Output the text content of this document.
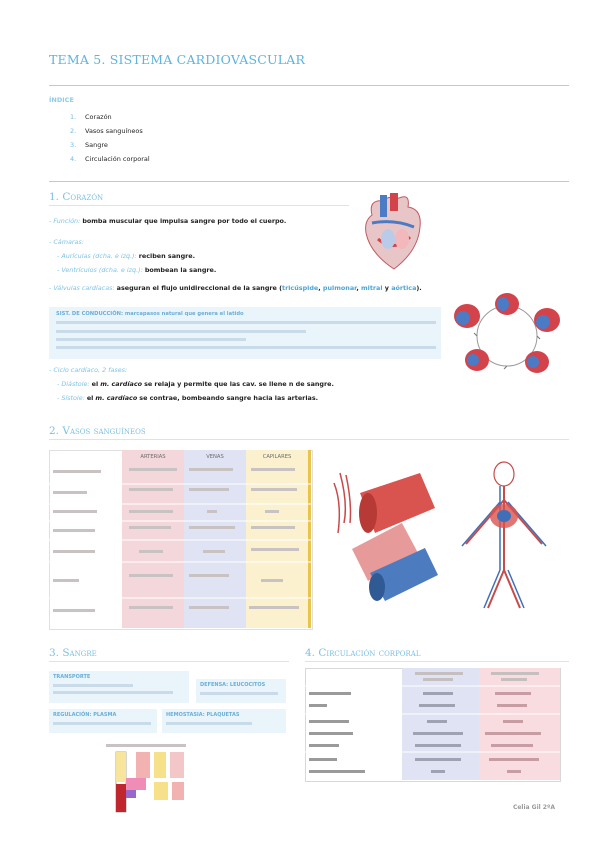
TEMA 5. SISTEMA CARDIOVASCULAR
ÍNDICE
1. Corazón
2. Vasos sanguíneos
3. Sangre
4. Circulación corporal
1. Corazón
- Función: bomba muscular que impulsa sangre por todo el cuerpo.
- Cámaras:
- Aurículas (dcha. e izq.): reciben sangre.
- Ventrículos (dcha. e izq.): bombean la sangre.
- Válvulas cardíacas: aseguran el flujo unidireccional de la sangre (tricúspide, pulmonar, mitral y aórtica).
SIST. DE CONDUCCIÓN: marcapasos natural que genera el latido
- Ciclo cardíaco, 2 fases:
- Diástole: el m. cardíaco se relaja y permite que las cav. se llene n de sangre.
- Sístole: el m. cardíaco se contrae, bombeando sangre hacia las arterias.
2. Vasos sanguíneos
ARTERIAS	VENAS	CAPILARES
3. Sangre
TRANSPORTE
DEFENSA: LEUCOCITOS
REGULACIÓN: PLASMA	HEMOSTASIA: PLAQUETAS
4. Circulación corporal
Celia Gil 2ºA
